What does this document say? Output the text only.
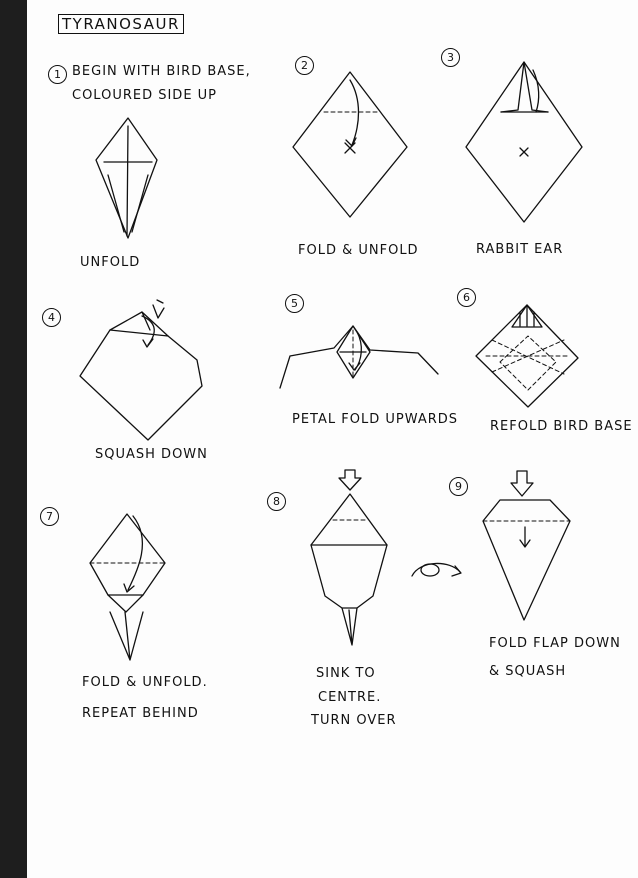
TYRANOSAUR
1
2
3
4
5	6
7
8
9
BEGIN WITH BIRD BASE,
COLOURED SIDE UP
UNFOLD
FOLD & UNFOLD	RABBIT EAR
SQUASH DOWN
PETAL FOLD UPWARDS REFOLD BIRD BASE
FOLD & UNFOLD.
REPEAT BEHIND
SINK TO
CENTRE.
TURN OVER
FOLD FLAP DOWN
& SQUASH
